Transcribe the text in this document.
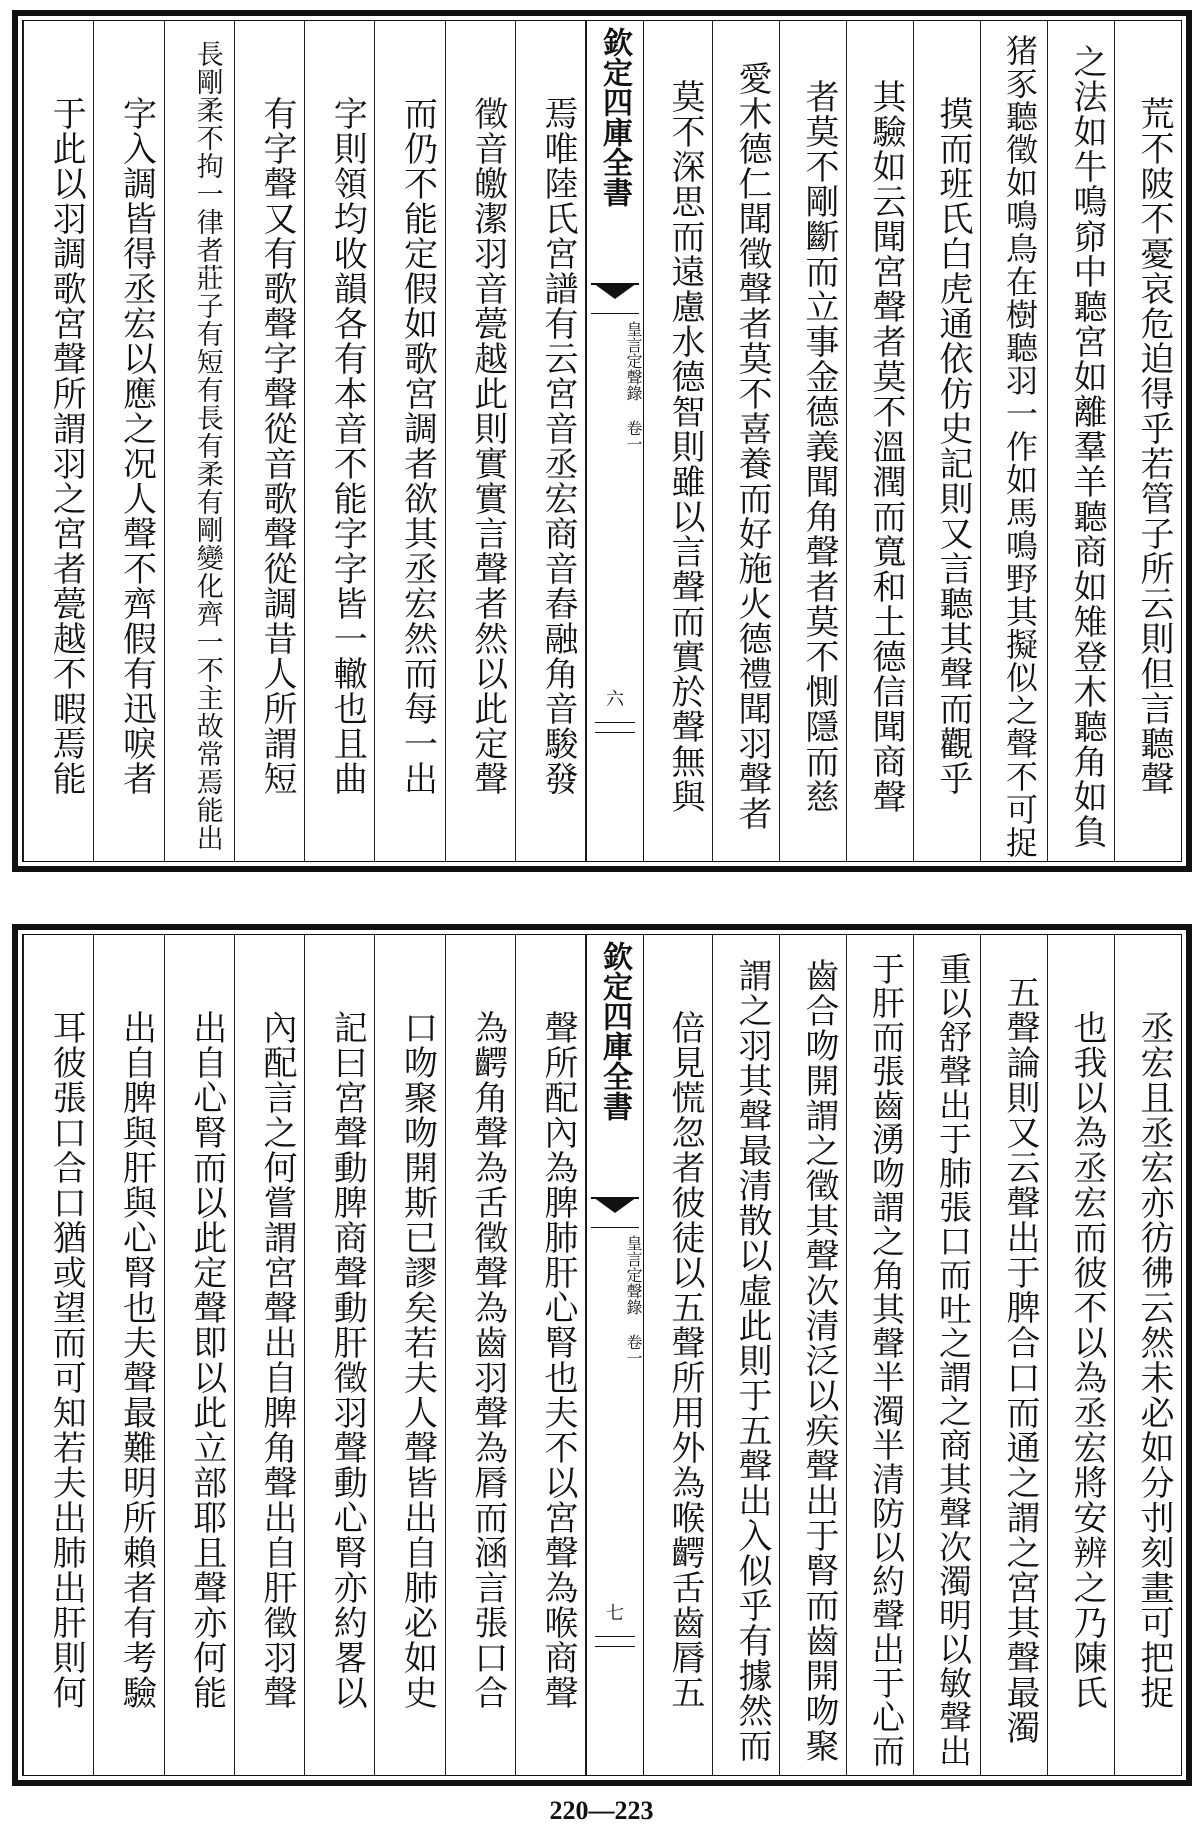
荒不陂不憂哀危迫得乎若管子所云則但言聽聲
之法如牛鳴窌中聽宮如離羣羊聽商如雉登木聽角如負
猪豕聽徵如鳴鳥在樹聽羽一作如馬鳴野其擬似之聲不可捉
摸而班氏白虎通依仿史記則又言聽其聲而觀乎
其驗如云聞宮聲者莫不溫潤而寬和土德信聞商聲
者莫不剛斷而立事金德義聞角聲者莫不惻隱而慈
愛木德仁聞徵聲者莫不喜養而好施火德禮聞羽聲者
莫不深思而遠慮水德智則雖以言聲而實於聲無與
欽定四庫全書
皇言定聲錄 卷一
六
焉唯陸氏宮譜有云宮音丞宏商音舂融角音駿發
徵音皦潔羽音甍越此則實實言聲者然以此定聲
而仍不能定假如歌宮調者欲其丞宏然而每一出
字則領均收韻各有本音不能字字皆一轍也且曲
有字聲又有歌聲字聲從音歌聲從調昔人所謂短
長剛柔不拘一律者莊子有短有長有柔有剛變化齊一不主故常焉能出
字入調皆得丞宏以應之况人聲不齊假有迅唳者
于此以羽調歌宮聲所謂羽之宮者甍越不暇焉能
丞宏且丞宏亦彷彿云然未必如分刌刻畫可把捉
也我以為丞宏而彼不以為丞宏將安辨之乃陳氏
五聲論則又云聲出于脾合口而通之謂之宮其聲最濁
重以舒聲出于肺張口而吐之謂之商其聲次濁明以敏聲出
于肝而張齒湧吻謂之角其聲半濁半清防以約聲出于心而
齒合吻開謂之徵其聲次清泛以疾聲出于腎而齒開吻聚
謂之羽其聲最清散以虛此則于五聲出入似乎有據然而
倍見慌忽者彼徒以五聲所用外為喉齶舌齒脣五
欽定四庫全書
皇言定聲錄 卷一
七
聲所配內為脾肺肝心腎也夫不以宮聲為喉商聲
為齶角聲為舌徵聲為齒羽聲為脣而涵言張口合
口吻聚吻開斯已謬矣若夫人聲皆出自肺必如史
記曰宮聲動脾商聲動肝徵羽聲動心腎亦約畧以
內配言之何嘗謂宮聲出自脾角聲出自肝徵羽聲
出自心腎而以此定聲即以此立部耶且聲亦何能
出自脾與肝與心腎也夫聲最難明所賴者有考驗
耳彼張口合口猶或望而可知若夫出肺出肝則何
220—223
